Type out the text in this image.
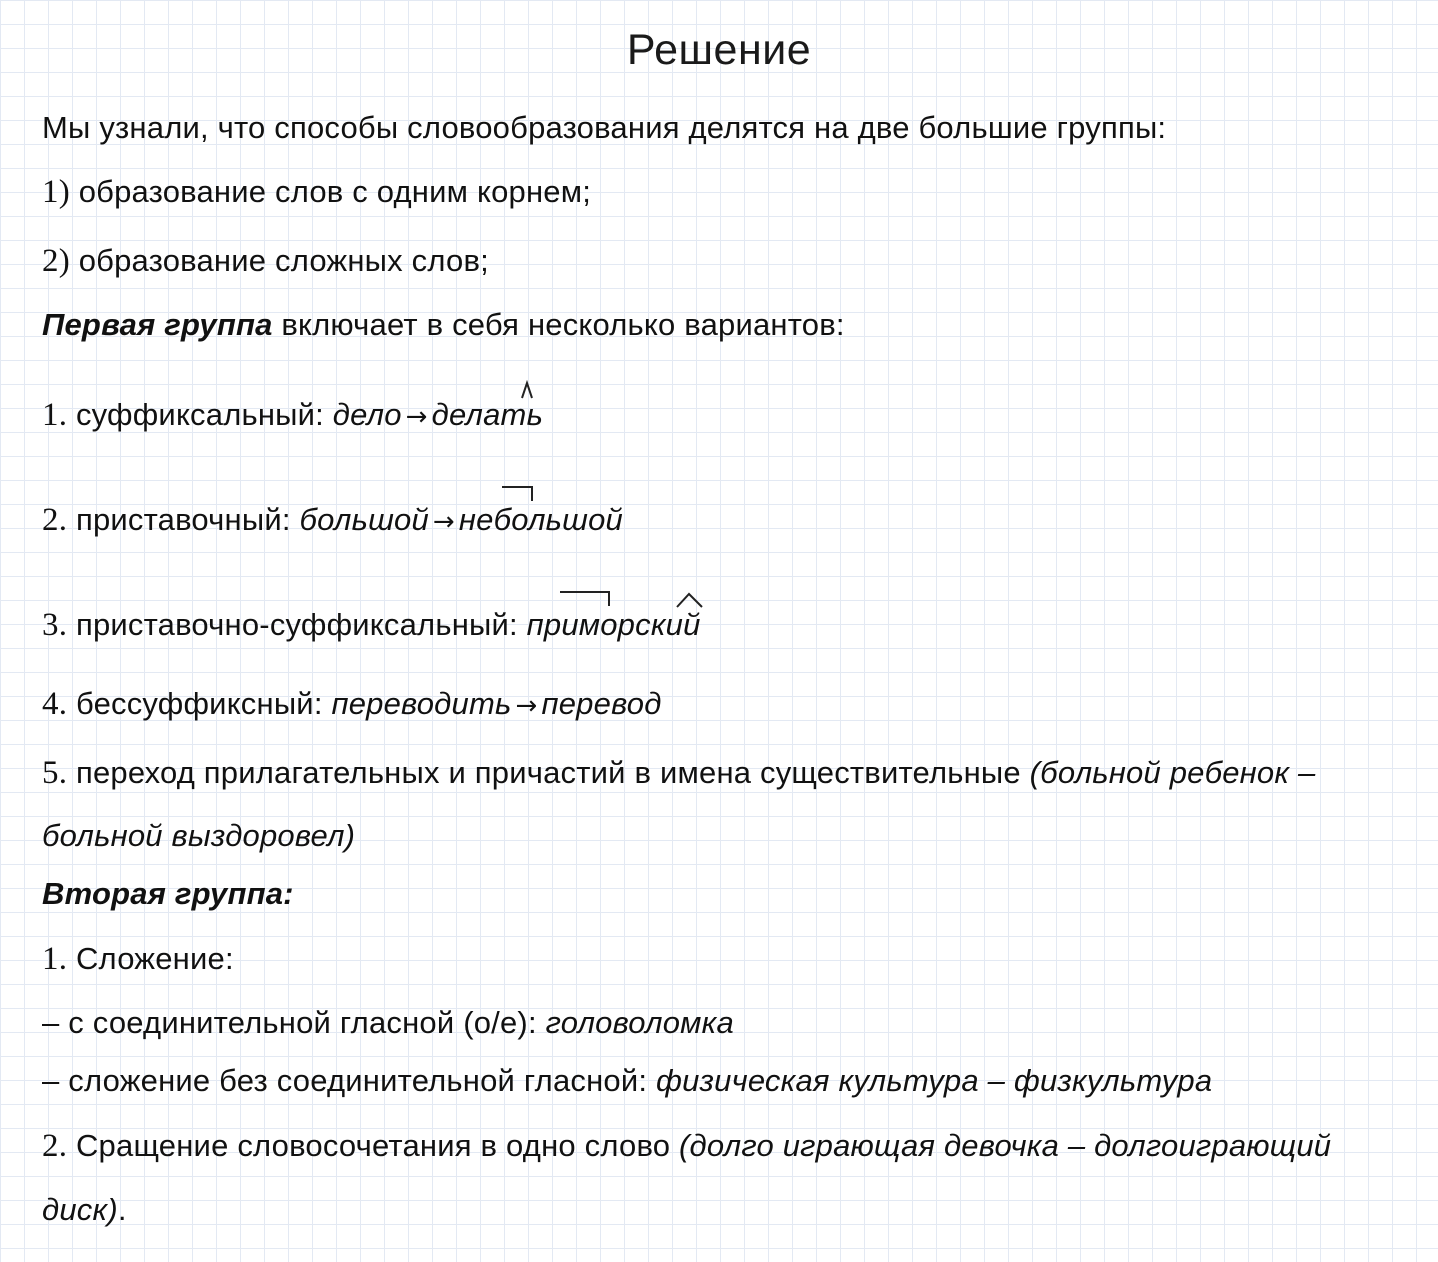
Решение
Мы узнали, что способы словообразования делятся на две большие группы:
1) образование слов с одним корнем;
2) образование сложных слов;
Первая группа включает в себя несколько вариантов:
1. суффиксальный: дело → делать
2. приставочный: большой → небольшой
3. приставочно-суффиксальный: приморский
4. бессуффиксный: переводить → перевод
5. переход прилагательных и причастий в имена существительные (больной ребенок –
больной выздоровел)
Вторая группа:
1. Сложение:
– с соединительной гласной (о/е): головоломка
– сложение без соединительной гласной: физическая культура – физкультура
2. Сращение словосочетания в одно слово (долго играющая девочка – долгоиграющий
диск).
